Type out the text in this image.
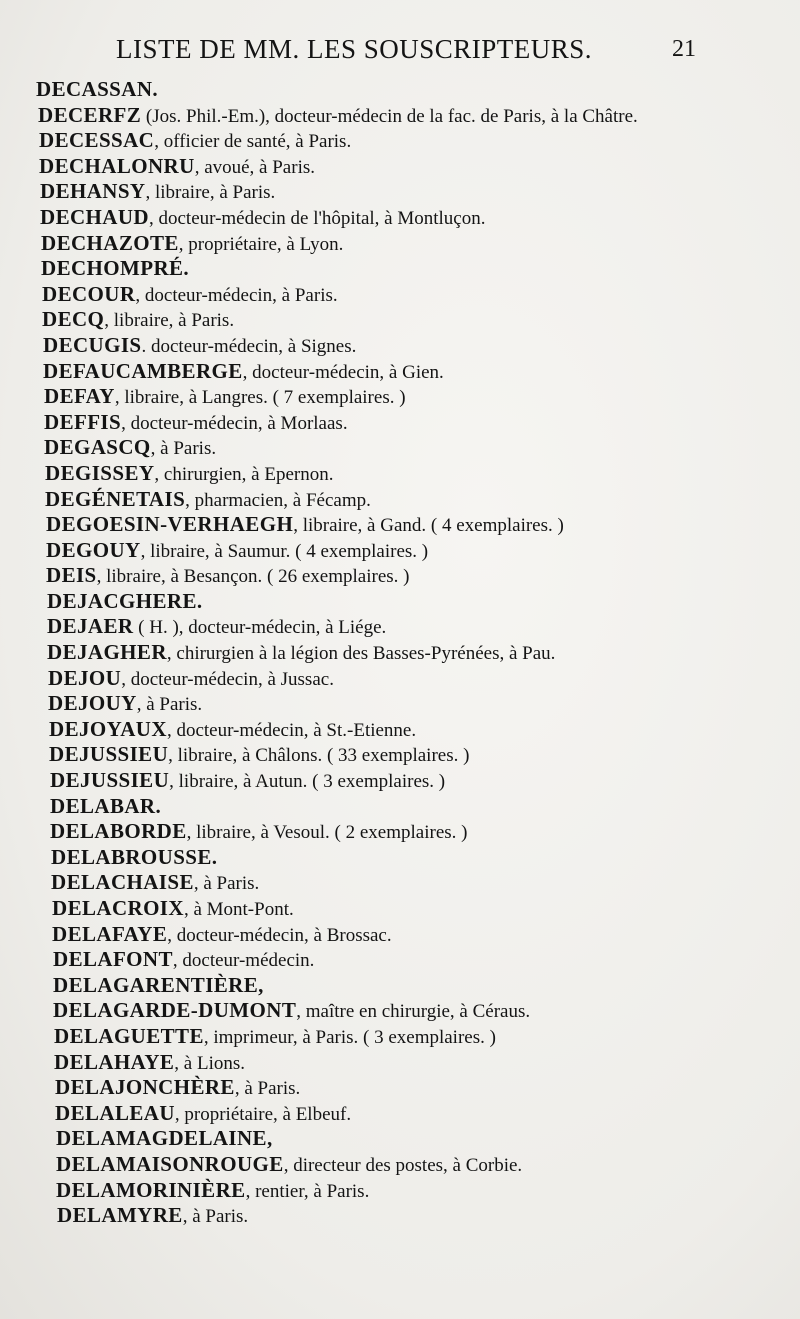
LISTE DE MM. LES SOUSCRIPTEURS.	21
DECASSAN.
DECERFZ (Jos. Phil.-Em.), docteur-médecin de la fac. de Paris, à la Châtre.
DECESSAC, officier de santé, à Paris.
DECHALONRU, avoué, à Paris.
DEHANSY, libraire, à Paris.
DECHAUD, docteur-médecin de l'hôpital, à Montluçon.
DECHAZOTE, propriétaire, à Lyon.
DECHOMPRÉ.
DECOUR, docteur-médecin, à Paris.
DECQ, libraire, à Paris.
DECUGIS. docteur-médecin, à Signes.
DEFAUCAMBERGE, docteur-médecin, à Gien.
DEFAY, libraire, à Langres. ( 7 exemplaires. )
DEFFIS, docteur-médecin, à Morlaas.
DEGASCQ, à Paris.
DEGISSEY, chirurgien, à Epernon.
DEGÉNETAIS, pharmacien, à Fécamp.
DEGOESIN-VERHAEGH, libraire, à Gand. ( 4 exemplaires. )
DEGOUY, libraire, à Saumur. ( 4 exemplaires. )
DEIS, libraire, à Besançon. ( 26 exemplaires. )
DEJACGHERE.
DEJAER ( H. ), docteur-médecin, à Liége.
DEJAGHER, chirurgien à la légion des Basses-Pyrénées, à Pau.
DEJOU, docteur-médecin, à Jussac.
DEJOUY, à Paris.
DEJOYAUX, docteur-médecin, à St.-Etienne.
DEJUSSIEU, libraire, à Châlons. ( 33 exemplaires. )
DEJUSSIEU, libraire, à Autun. ( 3 exemplaires. )
DELABAR.
DELABORDE, libraire, à Vesoul. ( 2 exemplaires. )
DELABROUSSE.
DELACHAISE, à Paris.
DELACROIX, à Mont-Pont.
DELAFAYE, docteur-médecin, à Brossac.
DELAFONT, docteur-médecin.
DELAGARENTIÈRE,
DELAGARDE-DUMONT, maître en chirurgie, à Céraus.
DELAGUETTE, imprimeur, à Paris. ( 3 exemplaires. )
DELAHAYE, à Lions.
DELAJONCHÈRE, à Paris.
DELALEAU, propriétaire, à Elbeuf.
DELAMAGDELAINE,
DELAMAISONROUGE, directeur des postes, à Corbie.
DELAMORINIÈRE, rentier, à Paris.
DELAMYRE, à Paris.
